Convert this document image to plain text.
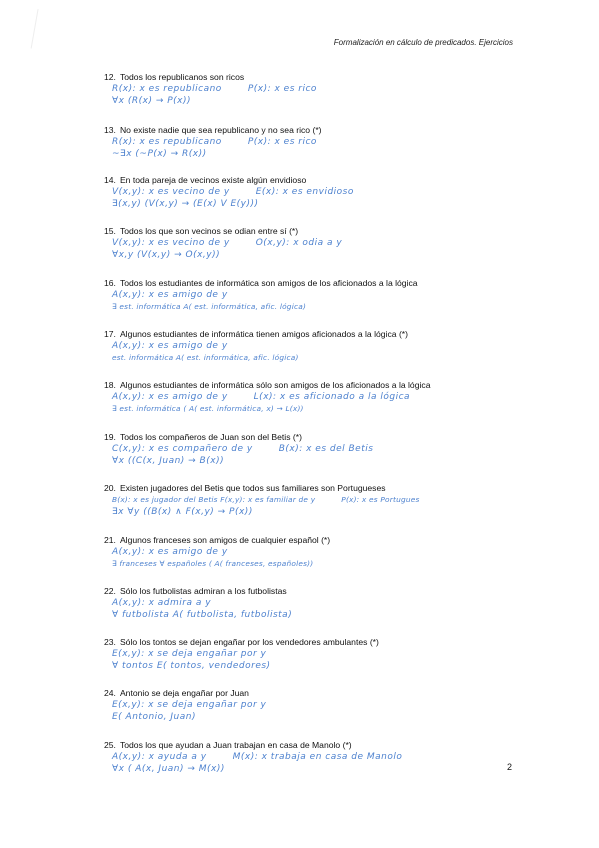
Formalización en cálculo de predicados. Ejercicios
12. Todos los republicanos son ricos
R(x): x es republicano	P(x): x es rico
∀x (R(x) → P(x))
13. No existe nadie que sea republicano y no sea rico (*)
R(x): x es republicano	P(x): x es rico
~∃x (~P(x) → R(x))
14. En toda pareja de vecinos existe algún envidioso
V(x,y): x es vecino de y	E(x): x es envidioso
∃(x,y) (V(x,y) → (E(x) V E(y)))
15. Todos los que son vecinos se odian entre sí (*)
V(x,y): x es vecino de y	O(x,y): x odia a y
∀x,y (V(x,y) → O(x,y))
16. Todos los estudiantes de informática son amigos de los aficionados a la lógica
A(x,y): x es amigo de y
∃ est. informática A( est. informática, afic. lógica)
17. Algunos estudiantes de informática tienen amigos aficionados a la lógica (*)
A(x,y): x es amigo de y
est. informática A( est. informática, afic. lógica)
18. Algunos estudiantes de informática sólo son amigos de los aficionados a la lógica
A(x,y): x es amigo de y	L(x): x es aficionado a la lógica
∃ est. informática ( A( est. informática, x) → L(x))
19. Todos los compañeros de Juan son del Betis (*)
C(x,y): x es compañero de y	B(x): x es del Betis
∀x ((C(x, Juan) → B(x))
20. Existen jugadores del Betis que todos sus familiares son Portugueses
B(x): x es jugador del Betis F(x,y): x es familiar de y	P(x): x es Portugues
∃x ∀y ((B(x) ∧ F(x,y) → P(x))
21. Algunos franceses son amigos de cualquier español (*)
A(x,y): x es amigo de y
∃ franceses ∀ españoles ( A( franceses, españoles))
22. Sólo los futbolistas admiran a los futbolistas
A(x,y): x admira a y
∀ futbolista A( futbolista, futbolista)
23. Sólo los tontos se dejan engañar por los vendedores ambulantes (*)
E(x,y): x se deja engañar por y
∀ tontos E( tontos, vendedores)
24. Antonio se deja engañar por Juan
E(x,y): x se deja engañar por y
E( Antonio, Juan)
25. Todos los que ayudan a Juan trabajan en casa de Manolo (*)
A(x,y): x ayuda a y	M(x): x trabaja en casa de Manolo
∀x ( A(x, Juan) → M(x))	2
